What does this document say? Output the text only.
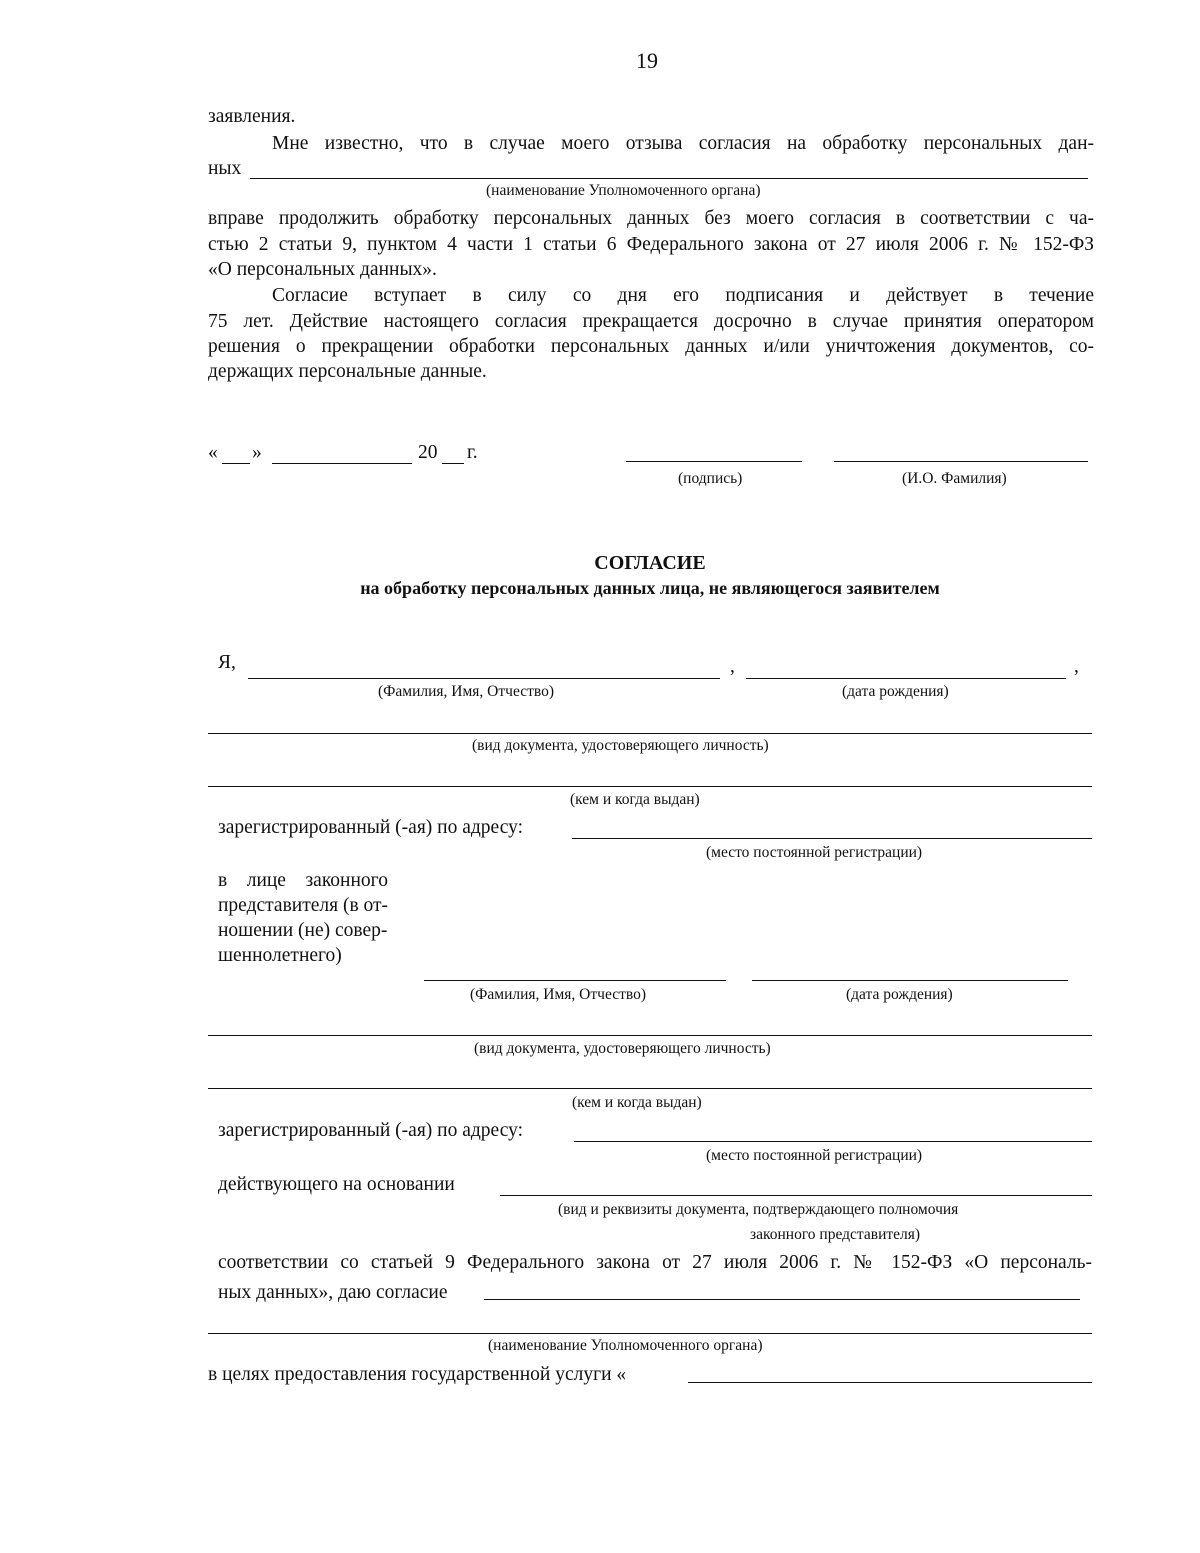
19
заявления.
Мне известно, что в случае моего отзыва согласия на обработку персональных дан-
ных
(наименование Уполномоченного органа)
вправе продолжить обработку персональных данных без моего согласия в соответствии с ча-
стью 2 статьи 9, пунктом 4 части 1 статьи 6 Федерального закона от 27 июля 2006 г. № 152-ФЗ
«О персональных данных».
Согласие вступает в силу со дня его подписания и действует в течение
75 лет. Действие настоящего согласия прекращается досрочно в случае принятия оператором
решения о прекращении обработки персональных данных и/или уничтожения документов, со-
держащих персональные данные.
« »	20 г.
(подпись)	(И.О. Фамилия)
СОГЛАСИЕ
на обработку персональных данных лица, не являющегося заявителем
Я,	,	,
(Фамилия, Имя, Отчество)	(дата рождения)
(вид документа, удостоверяющего личность)
(кем и когда выдан)
зарегистрированный (-ая) по адресу:
(место постоянной регистрации)
в    лице    законного
представителя (в от-
ношении (не) совер-
шеннолетнего)
(Фамилия, Имя, Отчество)	(дата рождения)
(вид документа, удостоверяющего личность)
(кем и когда выдан)
зарегистрированный (-ая) по адресу:
(место постоянной регистрации)
действующего на основании
(вид и реквизиты документа, подтверждающего полномочия
законного представителя)
соответствии со статьей 9 Федерального закона от 27 июля 2006 г. № 152-ФЗ «О персональ-
ных данных», даю согласие
(наименование Уполномоченного органа)
в целях предоставления государственной услуги «
